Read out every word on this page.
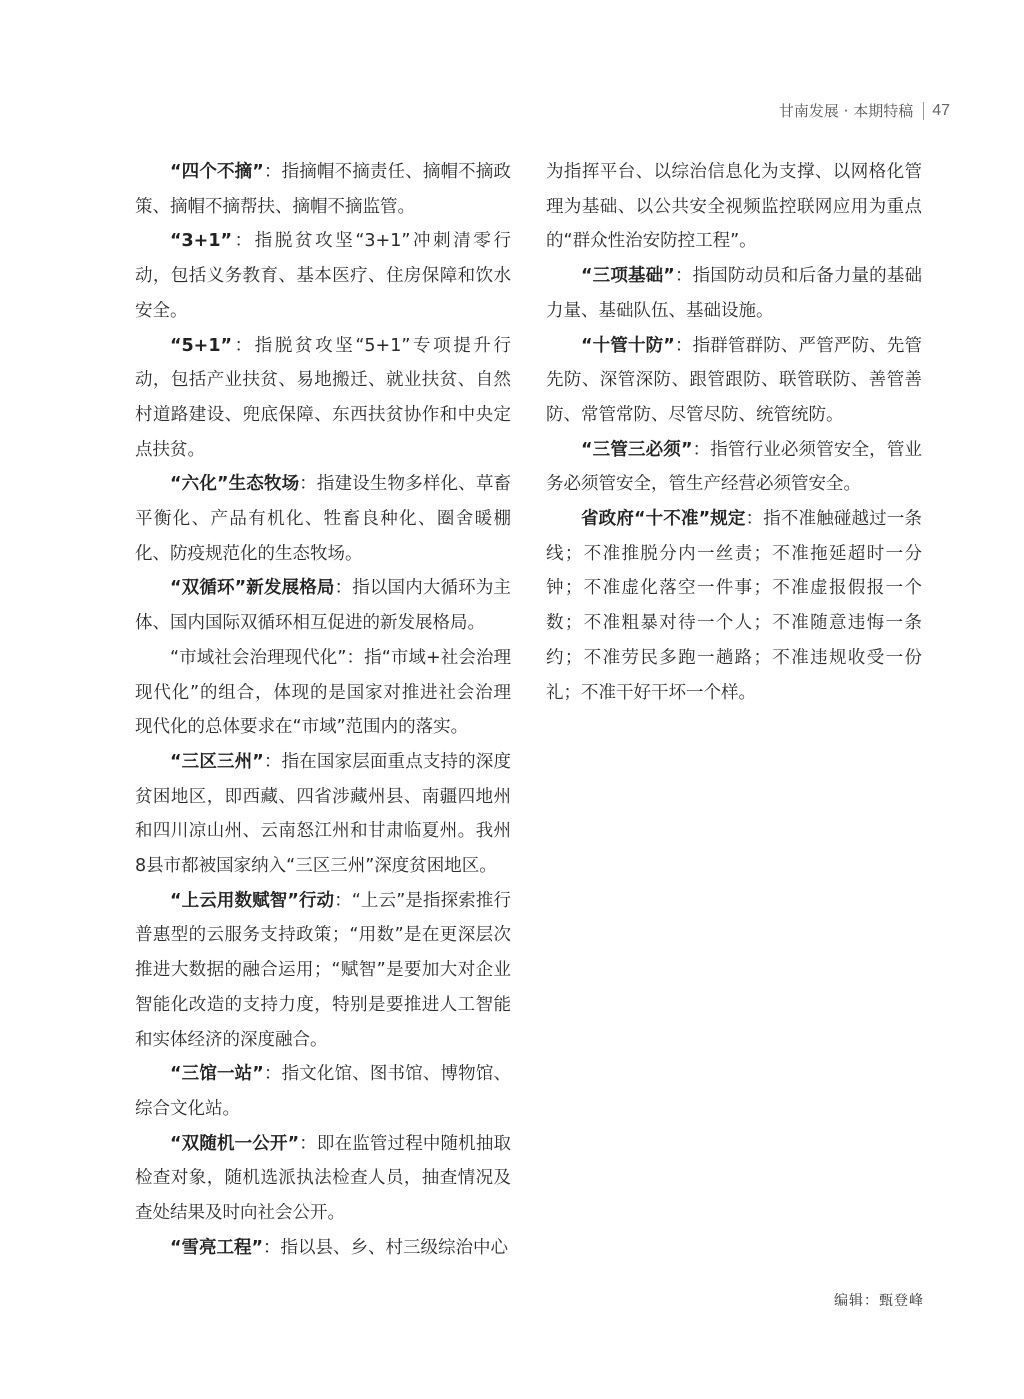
甘南发展 · 本期特稿 47

“四个不摘”：指摘帽不摘责任、摘帽不摘政策、摘帽不摘帮扶、摘帽不摘监管。

“3+1”：指脱贫攻坚“3+1”冲刺清零行动，包括义务教育、基本医疗、住房保障和饮水安全。

“5+1”：指脱贫攻坚“5+1”专项提升行动，包括产业扶贫、易地搬迁、就业扶贫、自然村道路建设、兜底保障、东西扶贫协作和中央定点扶贫。

“六化”生态牧场：指建设生物多样化、草畜平衡化、产品有机化、牲畜良种化、圈舍暖棚化、防疫规范化的生态牧场。

“双循环”新发展格局：指以国内大循环为主体、国内国际双循环相互促进的新发展格局。

“市域社会治理现代化”：指“市域+社会治理现代化”的组合，体现的是国家对推进社会治理现代化的总体要求在“市域”范围内的落实。

“三区三州”：指在国家层面重点支持的深度贫困地区，即西藏、四省涉藏州县、南疆四地州和四川凉山州、云南怒江州和甘肃临夏州。我州8县市都被国家纳入“三区三州”深度贫困地区。

“上云用数赋智”行动：“上云”是指探索推行普惠型的云服务支持政策；“用数”是在更深层次推进大数据的融合运用；“赋智”是要加大对企业智能化改造的支持力度，特别是要推进人工智能和实体经济的深度融合。

“三馆一站”：指文化馆、图书馆、博物馆、综合文化站。

“双随机一公开”：即在监管过程中随机抽取检查对象，随机选派执法检查人员，抽查情况及查处结果及时向社会公开。

“雪亮工程”：指以县、乡、村三级综治中心

为指挥平台、以综治信息化为支撑、以网格化管理为基础、以公共安全视频监控联网应用为重点的“群众性治安防控工程”。

“三项基础”：指国防动员和后备力量的基础力量、基础队伍、基础设施。

“十管十防”：指群管群防、严管严防、先管先防、深管深防、跟管跟防、联管联防、善管善防、常管常防、尽管尽防、统管统防。

“三管三必须”：指管行业必须管安全，管业务必须管安全，管生产经营必须管安全。

省政府“十不准”规定：指不准触碰越过一条线；不准推脱分内一丝责；不准拖延超时一分钟；不准虚化落空一件事；不准虚报假报一个数；不准粗暴对待一个人；不准随意违悔一条约；不准劳民多跑一趟路；不准违规收受一份礼；不准干好干坏一个样。

编辑：甄登峰
